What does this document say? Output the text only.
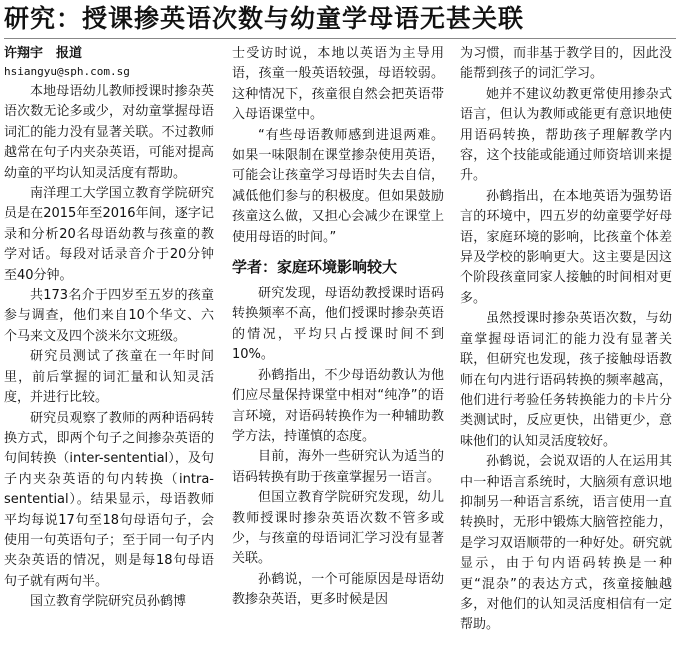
研究：授课掺英语次数与幼童学母语无甚关联
许翔宇　报道
hsiangyu@sph.com.sg

本地母语幼儿教师授课时掺杂英语次数无论多或少，对幼童掌握母语词汇的能力没有显著关联。不过教师越常在句子内夹杂英语，可能对提高幼童的平均认知灵活度有帮助。

南洋理工大学国立教育学院研究员是在2015年至2016年间，逐字记录和分析20名母语幼教与孩童的教学对话。每段对话录音介于20分钟至40分钟。

共173名介于四岁至五岁的孩童参与调查，他们来自10个华文、六个马来文及四个淡米尔文班级。

研究员测试了孩童在一年时间里，前后掌握的词汇量和认知灵活度，并进行比较。

研究员观察了教师的两种语码转换方式，即两个句子之间掺杂英语的句间转换（inter-sentential），及句子内夹杂英语的句内转换（intra-sentential）。结果显示，母语教师平均每说17句至18句母语句子，会使用一句英语句子；至于同一句子内夹杂英语的情况，则是每18句母语句子就有两句半。

国立教育学院研究员孙鹤博

士受访时说，本地以英语为主导用语，孩童一般英语较强，母语较弱。这种情况下，孩童很自然会把英语带入母语课堂中。

“有些母语教师感到进退两难。如果一味限制在课堂掺杂使用英语，可能会让孩童学习母语时失去自信，减低他们参与的积极度。但如果鼓励孩童这么做，又担心会减少在课堂上使用母语的时间。”

学者：家庭环境影响较大

研究发现，母语幼教授课时语码转换频率不高，他们授课时掺杂英语的情况，平均只占授课时间不到10%。

孙鹤指出，不少母语幼教认为他们应尽量保持课堂中相对“纯净”的语言环境，对语码转换作为一种辅助教学方法，持谨慎的态度。

目前，海外一些研究认为适当的语码转换有助于孩童掌握另一语言。

但国立教育学院研究发现，幼儿教师授课时掺杂英语次数不管多或少，与孩童的母语词汇学习没有显著关联。

孙鹤说，一个可能原因是母语幼教掺杂英语，更多时候是因

为习惯，而非基于教学目的，因此没能帮到孩子的词汇学习。

她并不建议幼教更常使用掺杂式语言，但认为教师或能更有意识地使用语码转换，帮助孩子理解教学内容，这个技能或能通过师资培训来提升。

孙鹤指出，在本地英语为强势语言的环境中，四五岁的幼童要学好母语，家庭环境的影响，比孩童个体差异及学校的影响更大。这主要是因这个阶段孩童同家人接触的时间相对更多。

虽然授课时掺杂英语次数，与幼童掌握母语词汇的能力没有显著关联，但研究也发现，孩子接触母语教师在句内进行语码转换的频率越高，他们进行考验任务转换能力的卡片分类测试时，反应更快，出错更少，意味他们的认知灵活度较好。

孙鹤说，会说双语的人在运用其中一种语言系统时，大脑须有意识地抑制另一种语言系统，语言使用一直转换时，无形中锻炼大脑管控能力，是学习双语顺带的一种好处。研究就显示，由于句内语码转换是一种更“混杂”的表达方式，孩童接触越多，对他们的认知灵活度相信有一定帮助。
